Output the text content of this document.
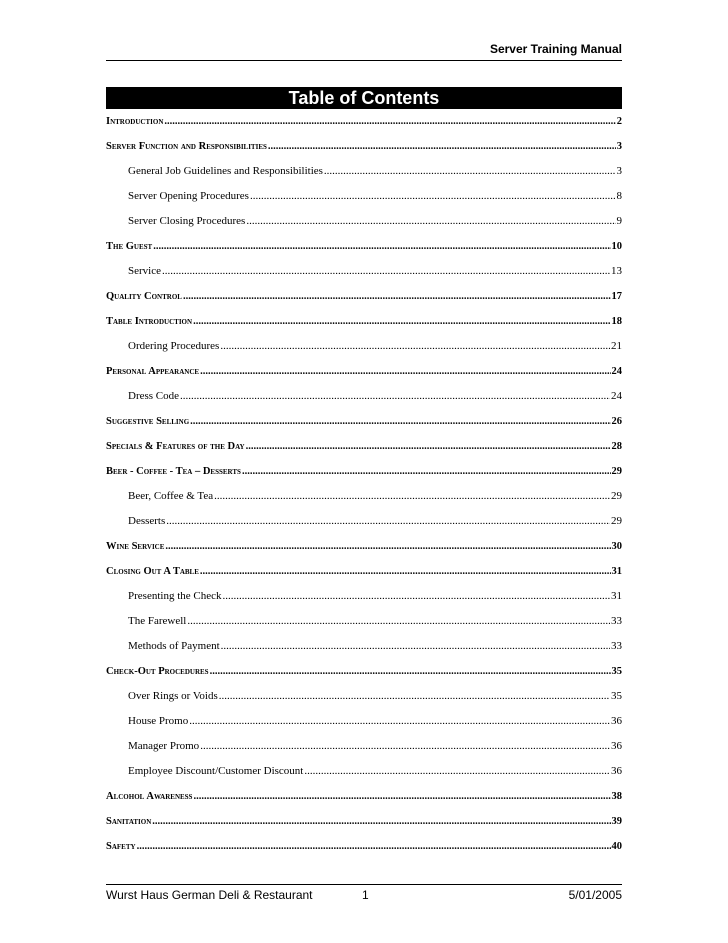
Server Training Manual
Table of Contents
Introduction .....	2
Server Function and Responsibilities .....	3
General Job Guidelines and Responsibilities .....	3
Server Opening Procedures .....	8
Server Closing Procedures .....	9
The Guest .....	10
Service .....	13
Quality Control .....	17
Table Introduction .....	18
Ordering Procedures .....	21
Personal Appearance .....	24
Dress Code .....	24
Suggestive Selling .....	26
Specials & Features of the Day .....	28
Beer - Coffee - Tea – Desserts .....	29
Beer, Coffee & Tea .....	29
Desserts .....	29
Wine Service .....	30
Closing Out A Table .....	31
Presenting the Check .....	31
The Farewell .....	33
Methods of Payment .....	33
Check-Out Procedures .....	35
Over Rings or Voids .....	35
House Promo .....	36
Manager Promo .....	36
Employee Discount/Customer Discount .....	36
Alcohol Awareness .....	38
Sanitation .....	39
Safety .....	40
Wurst Haus German Deli & Restaurant	1	5/01/2005
